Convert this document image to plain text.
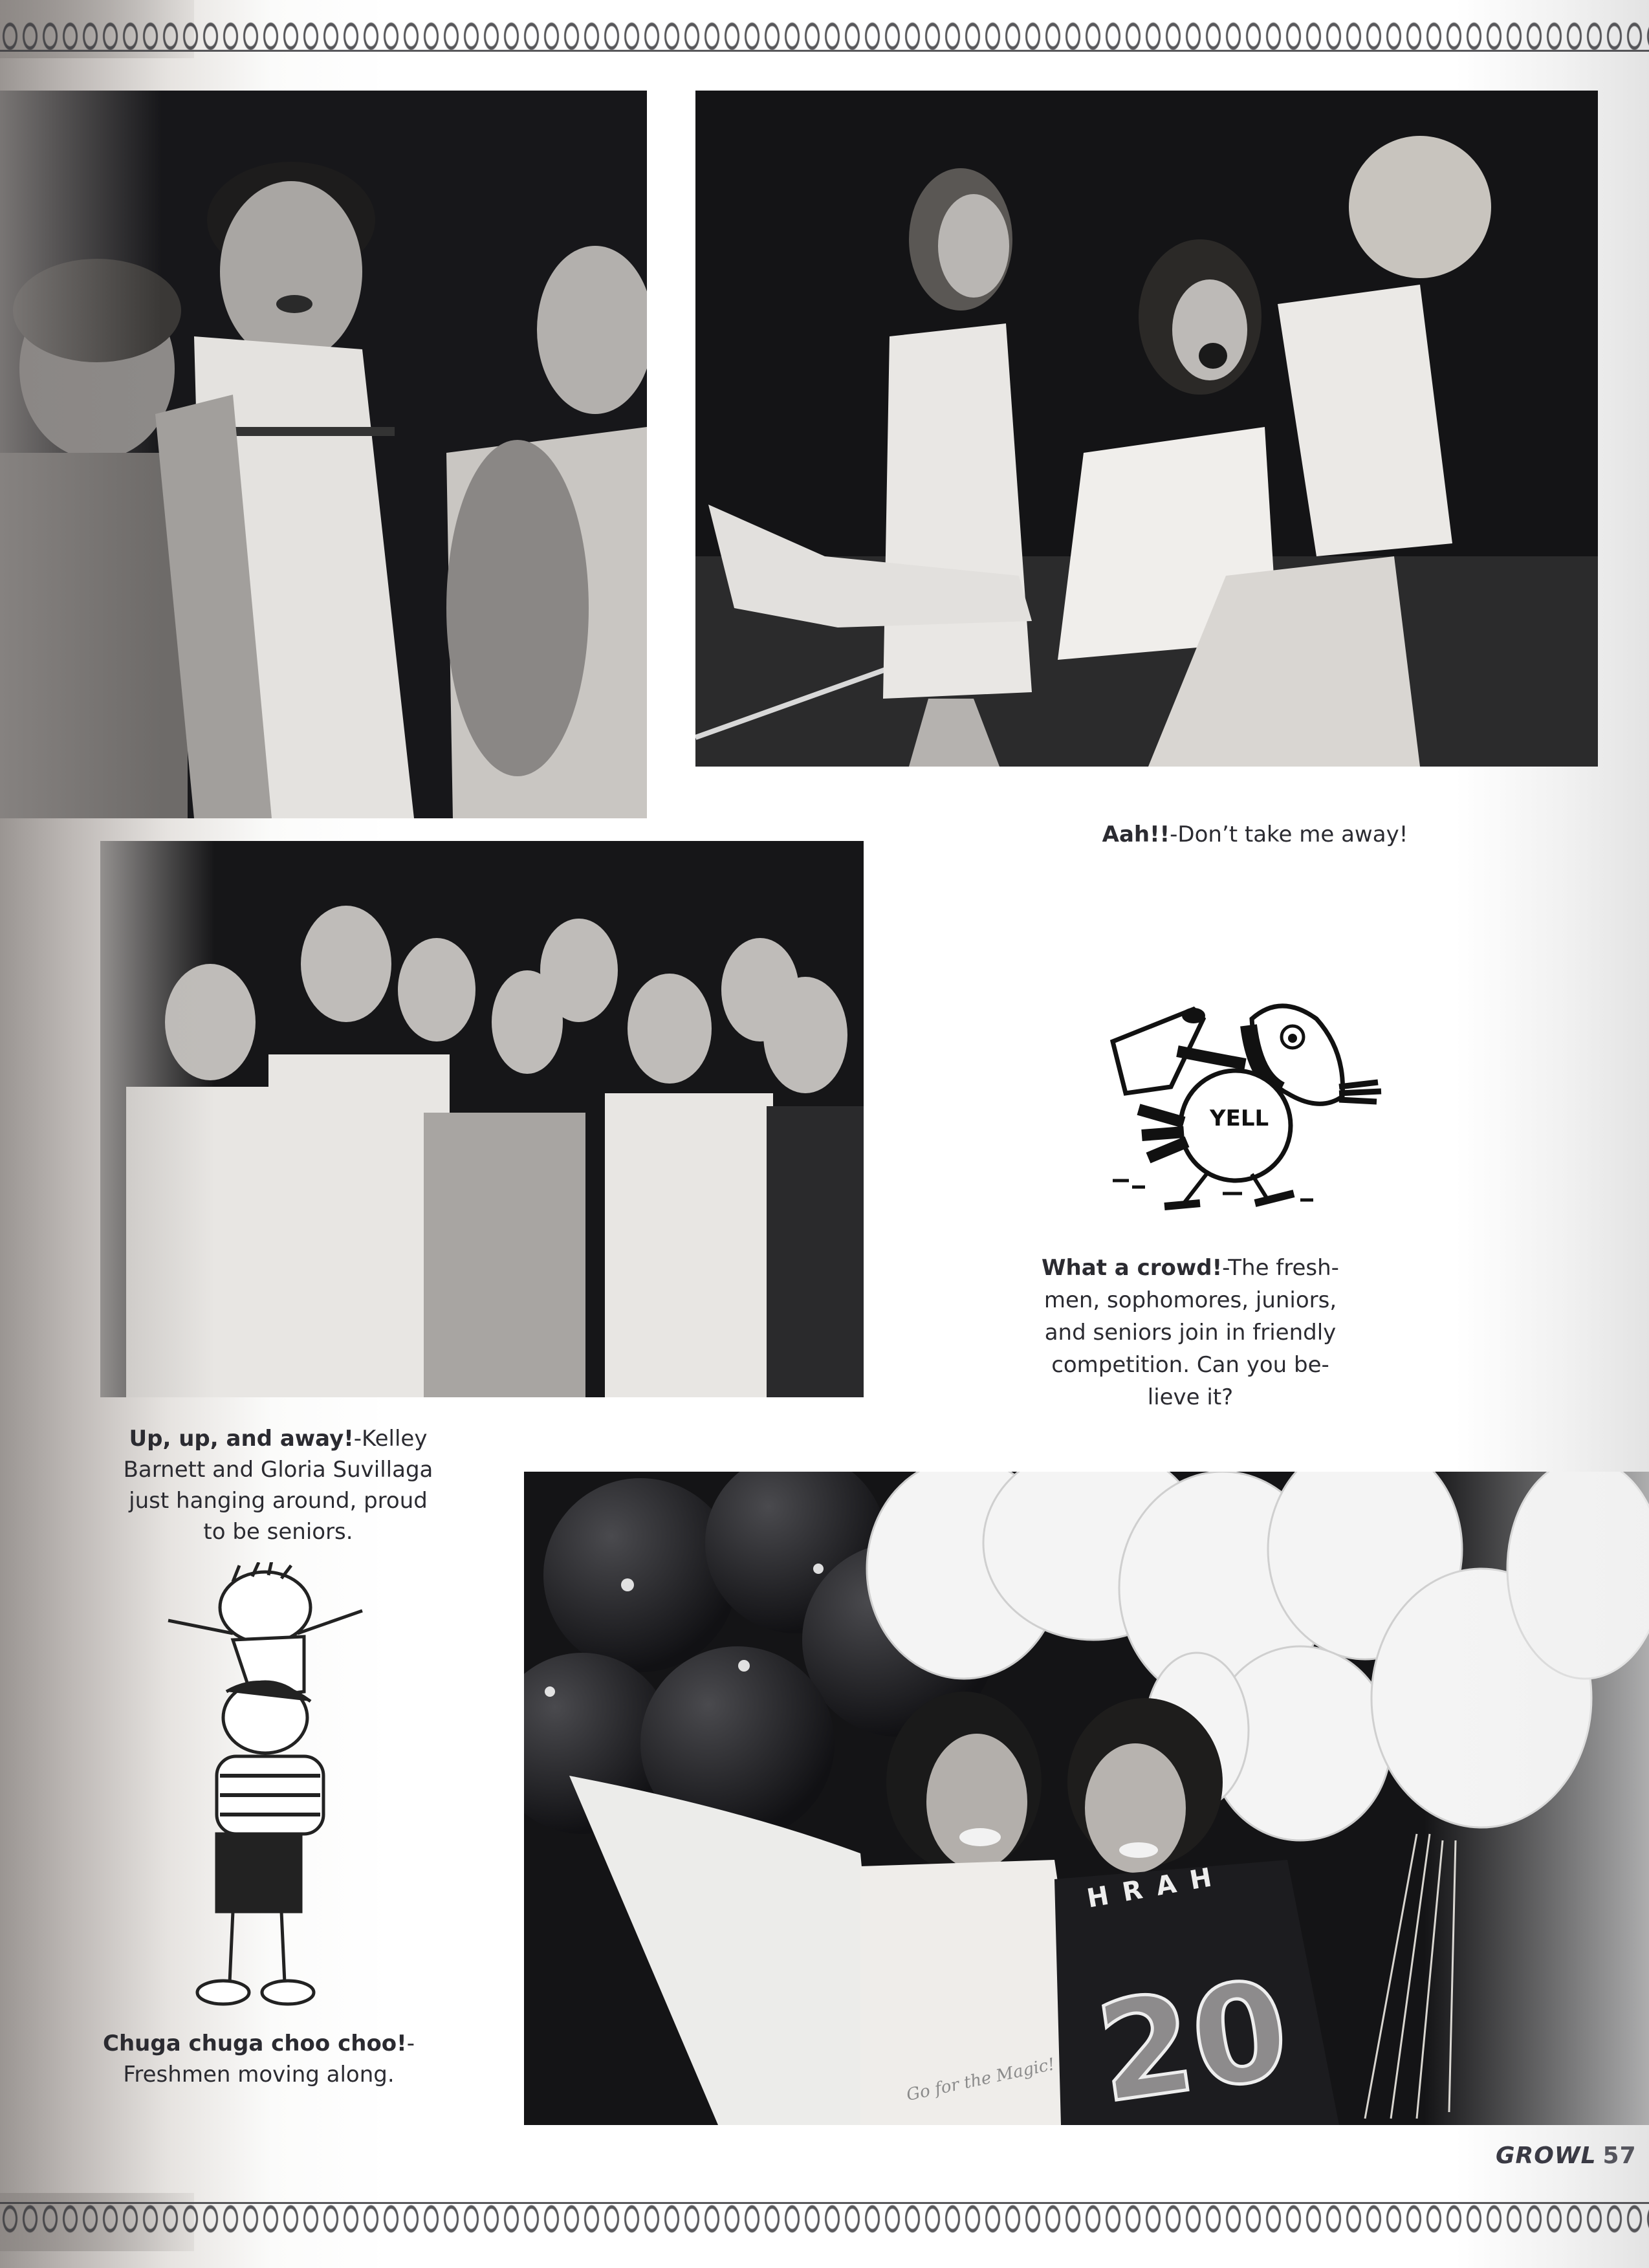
Aah!!-Don’t take me away!
YELL
What a crowd!-The fresh-
men, sophomores, juniors,
and seniors join in friendly
competition. Can you be-
lieve it?
Up, up, and away!-Kelley
Barnett and Gloria Suvillaga
just hanging around, proud
to be seniors.
Chuga chuga choo choo!-
Freshmen moving along.
GROWL 57
